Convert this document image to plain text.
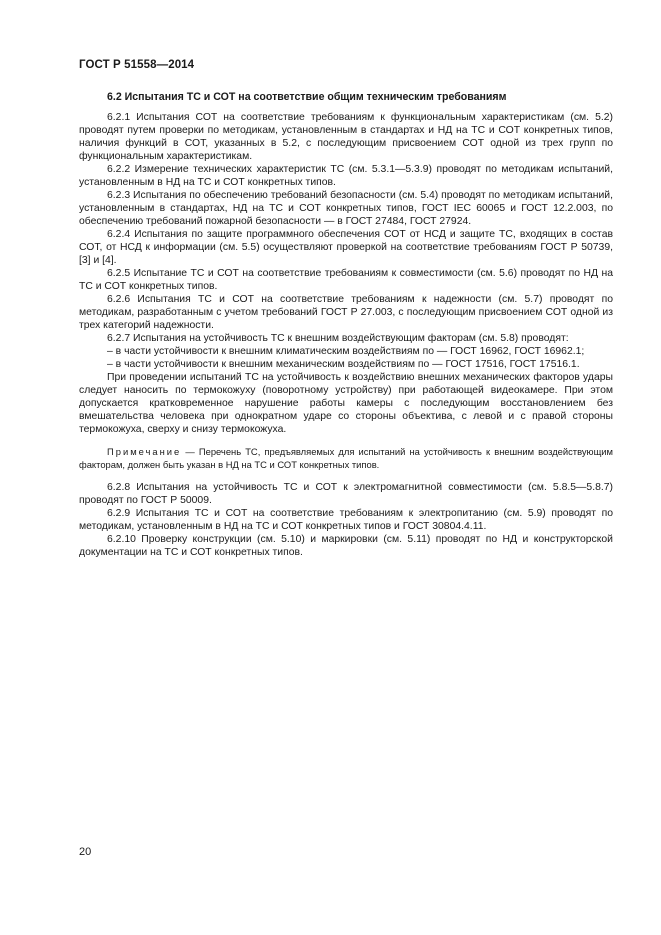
ГОСТ Р 51558—2014
6.2 Испытания ТС и СОТ на соответствие общим техническим требованиям

6.2.1 Испытания СОТ на соответствие требованиям к функциональным характеристикам (см. 5.2) проводят путем проверки по методикам, установленным в стандартах и НД на ТС и СОТ конкретных типов, наличия функций в СОТ, указанных в 5.2, с последующим присвоением СОТ одной из трех групп по функциональным характеристикам.

6.2.2 Измерение технических характеристик ТС (см. 5.3.1—5.3.9) проводят по методикам испытаний, установленным в НД на ТС и СОТ конкретных типов.

6.2.3 Испытания по обеспечению требований безопасности (см. 5.4) проводят по методикам испытаний, установленным в стандартах, НД на ТС и СОТ конкретных типов, ГОСТ IEC 60065 и ГОСТ 12.2.003, по обеспечению требований пожарной безопасности — в ГОСТ 27484, ГОСТ 27924.

6.2.4 Испытания по защите программного обеспечения СОТ от НСД и защите ТС, входящих в состав СОТ, от НСД к информации (см. 5.5) осуществляют проверкой на соответствие требованиям ГОСТ Р 50739, [3] и [4].

6.2.5 Испытание ТС и СОТ на соответствие требованиям к совместимости (см. 5.6) проводят по НД на ТС и СОТ конкретных типов.

6.2.6 Испытания ТС и СОТ на соответствие требованиям к надежности (см. 5.7) проводят по методикам, разработанным с учетом требований ГОСТ Р 27.003, с последующим присвоением СОТ одной из трех категорий надежности.

6.2.7 Испытания на устойчивость ТС к внешним воздействующим факторам (см. 5.8) проводят:

– в части устойчивости к внешним климатическим воздействиям по — ГОСТ 16962, ГОСТ 16962.1;

– в части устойчивости к внешним механическим воздействиям по — ГОСТ 17516, ГОСТ 17516.1.

При проведении испытаний ТС на устойчивость к воздействию внешних механических факторов удары следует наносить по термокожуху (поворотному устройству) при работающей видеокамере. При этом допускается кратковременное нарушение работы камеры с последующим восстановлением без вмешательства человека при однократном ударе со стороны объектива, с левой и с правой стороны термокожуха, сверху и снизу термокожуха.

Примечание — Перечень ТС, предъявляемых для испытаний на устойчивость к внешним воздействующим факторам, должен быть указан в НД на ТС и СОТ конкретных типов.

6.2.8 Испытания на устойчивость ТС и СОТ к электромагнитной совместимости (см. 5.8.5—5.8.7) проводят по ГОСТ Р 50009.

6.2.9 Испытания ТС и СОТ на соответствие требованиям к электропитанию (см. 5.9) проводят по методикам, установленным в НД на ТС и СОТ конкретных типов и ГОСТ 30804.4.11.

6.2.10 Проверку конструкции (см. 5.10) и маркировки (см. 5.11) проводят по НД и конструкторской документации на ТС и СОТ конкретных типов.

20
